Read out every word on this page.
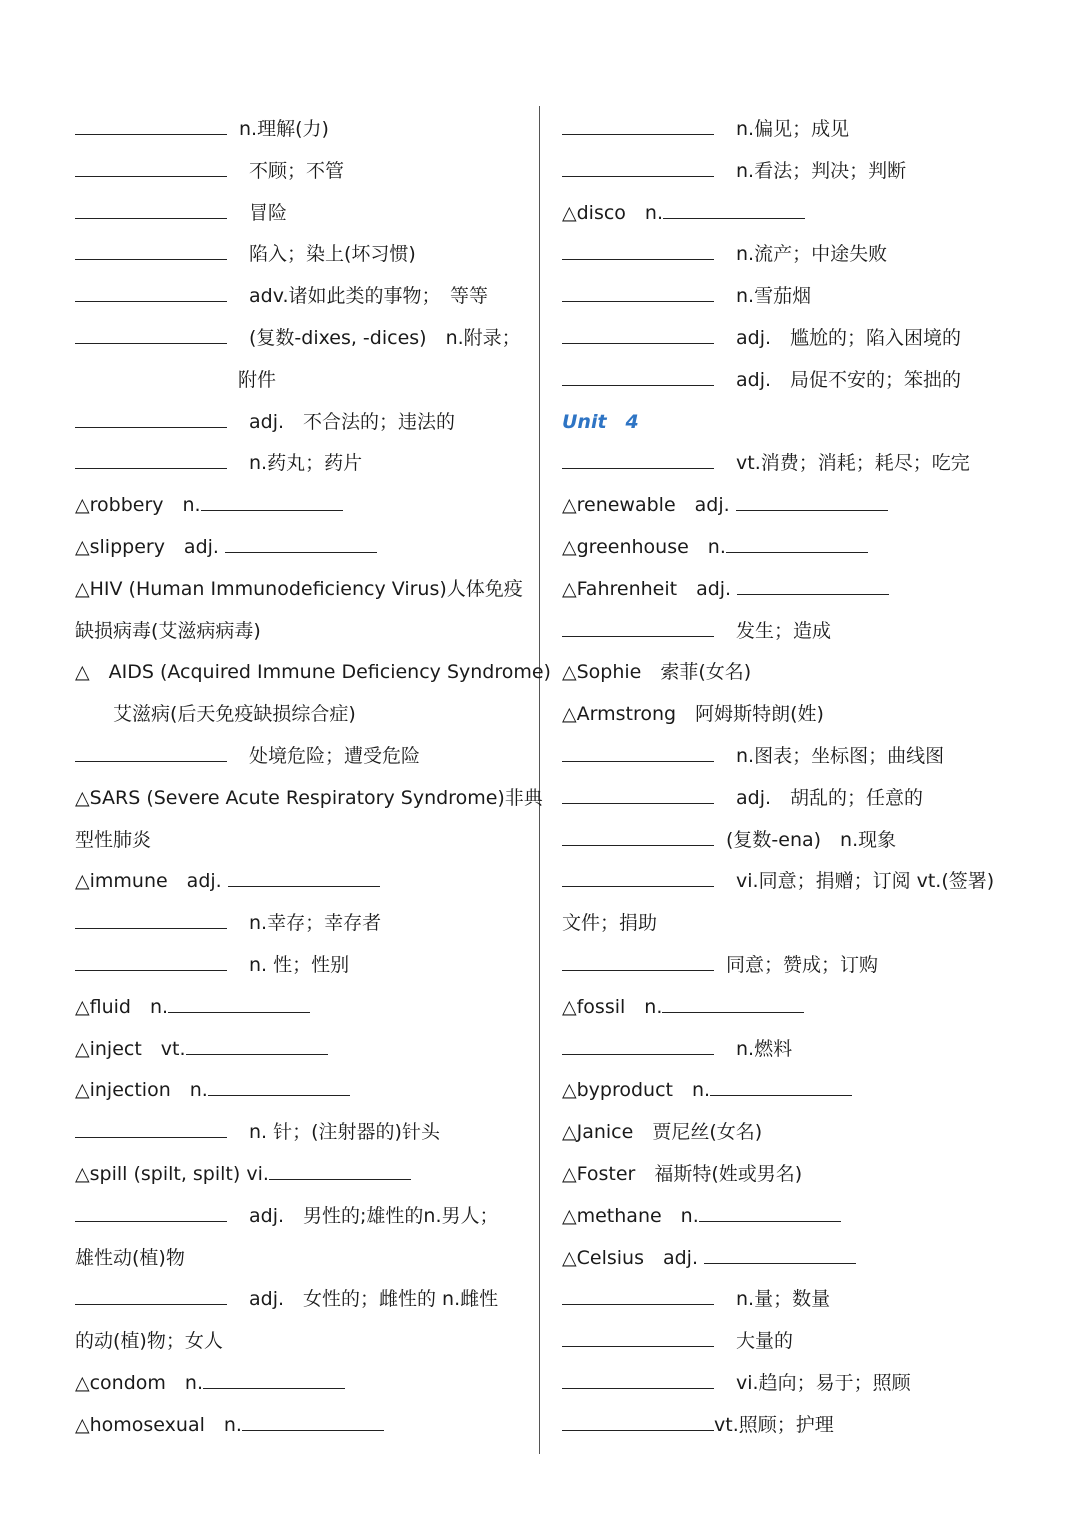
n.理解(力)
不顾；不管
冒险
陷入；染上(坏习惯)
adv.诸如此类的事物；　等等
(复数-dixes, -dices)　n.附录；
附件
adj.　不合法的；违法的
n.药丸；药片
△robbery　n.
△slippery　adj.
△HIV (Human Immunodeficiency Virus)人体免疫
缺损病毒(艾滋病病毒)
△　AIDS (Acquired Immune Deficiency Syndrome)
艾滋病(后天免疫缺损综合症)
处境危险；遭受危险
△SARS (Severe Acute Respiratory Syndrome)非典
型性肺炎
△immune　adj.
n.幸存；幸存者
n. 性；性别
△fluid　n.
△inject　vt.
△injection　n.
n. 针；(注射器的)针头
△spill (spilt, spilt) vi.
adj.　男性的;雄性的n.男人；
雄性动(植)物
adj.　女性的；雌性的 n.雌性
的动(植)物；女人
△condom　n.
△homosexual　n.
n.偏见；成见
n.看法；判决；判断
△disco　n.
n.流产；中途失败
n.雪茄烟
adj.　尴尬的；陷入困境的
adj.　局促不安的；笨拙的
Unit　4
vt.消费；消耗；耗尽；吃完
△renewable　adj.
△greenhouse　n.
△Fahrenheit　adj.
发生；造成
△Sophie　索菲(女名)
△Armstrong　阿姆斯特朗(姓)
n.图表；坐标图；曲线图
adj.　胡乱的；任意的
(复数-ena)　n.现象
vi.同意；捐赠；订阅 vt.(签署)
文件；捐助
同意；赞成；订购
△fossil　n.
n.燃料
△byproduct　n.
△Janice　贾尼丝(女名)
△Foster　福斯特(姓或男名)
△methane　n.
△Celsius　adj.
n.量；数量
大量的
vi.趋向；易于；照顾
vt.照顾；护理
